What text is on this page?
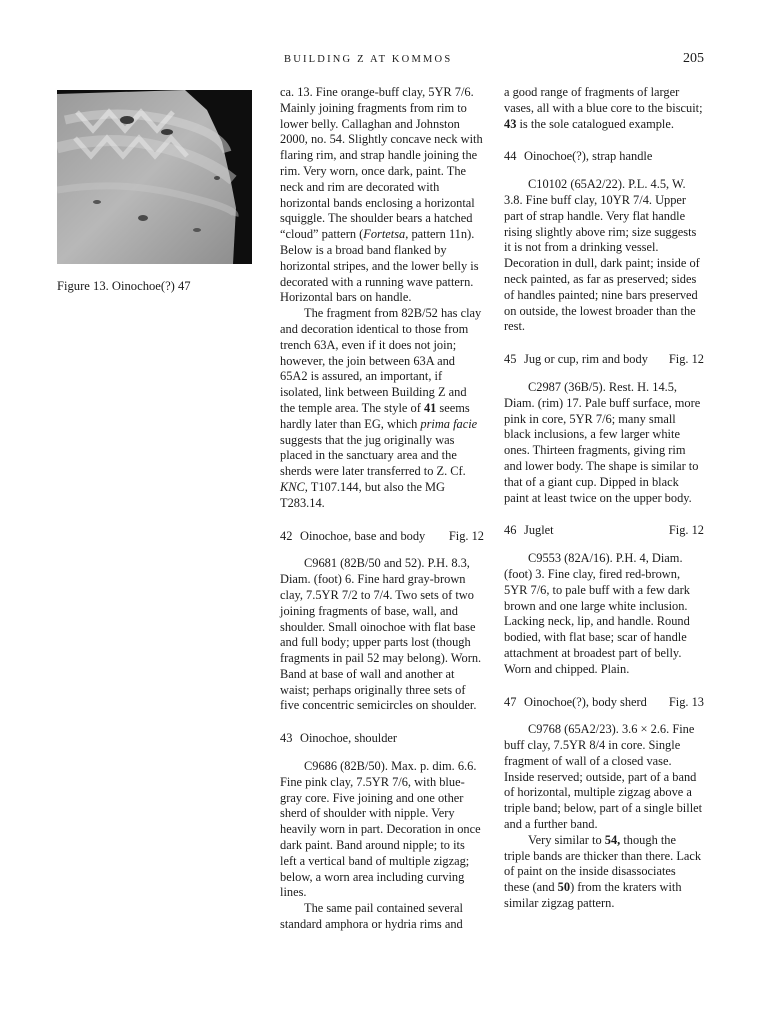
BUILDING Z AT KOMMOS	205
Figure 13. Oinochoe(?) 47

ca. 13. Fine orange-buff clay, 5YR 7/6. Mainly joining fragments from rim to lower belly. Callaghan and Johnston 2000, no. 54. Slightly concave neck with flaring rim, and strap handle joining the rim. Very worn, once dark, paint. The neck and rim are decorated with horizontal bands enclosing a horizontal squiggle. The shoulder bears a hatched “cloud” pattern (Fortetsa, pattern 11n). Below is a broad band flanked by horizontal stripes, and the lower belly is decorated with a running wave pattern. Horizontal bars on handle.

The fragment from 82B/52 has clay and decoration identical to those from trench 63A, even if it does not join; however, the join between 63A and 65A2 is assured, an important, if isolated, link between Building Z and the temple area. The style of 41 seems hardly later than EG, which prima facie suggests that the jug originally was placed in the sanctuary area and the sherds were later transferred to Z. Cf. KNC, T107.144, but also the MG T283.14.

42 Oinochoe, base and body	Fig. 12

C9681 (82B/50 and 52). P.H. 8.3, Diam. (foot) 6. Fine hard gray-brown clay, 7.5YR 7/2 to 7/4. Two sets of two joining fragments of base, wall, and shoulder. Small oinochoe with flat base and full body; upper parts lost (though fragments in pail 52 may belong). Worn. Band at base of wall and another at waist; perhaps originally three sets of five concentric semicircles on shoulder.

43 Oinochoe, shoulder

C9686 (82B/50). Max. p. dim. 6.6. Fine pink clay, 7.5YR 7/6, with blue-gray core. Five joining and one other sherd of shoulder with nipple. Very heavily worn in part. Decoration in once dark paint. Band around nipple; to its left a vertical band of multiple zigzag; below, a worn area including curving lines.

The same pail contained several standard amphora or hydria rims and

a good range of fragments of larger vases, all with a blue core to the biscuit; 43 is the sole catalogued example.

44 Oinochoe(?), strap handle

C10102 (65A2/22). P.L. 4.5, W. 3.8. Fine buff clay, 10YR 7/4. Upper part of strap handle. Very flat handle rising slightly above rim; size suggests it is not from a drinking vessel. Decoration in dull, dark paint; inside of neck painted, as far as preserved; sides of handles painted; nine bars preserved on outside, the lowest broader than the rest.

45 Jug or cup, rim and body	Fig. 12

C2987 (36B/5). Rest. H. 14.5, Diam. (rim) 17. Pale buff surface, more pink in core, 5YR 7/6; many small black inclusions, a few larger white ones. Thirteen fragments, giving rim and lower body. The shape is similar to that of a giant cup. Dipped in black paint at least twice on the upper body.

46 Juglet	Fig. 12

C9553 (82A/16). P.H. 4, Diam. (foot) 3. Fine clay, fired red-brown, 5YR 7/6, to pale buff with a few dark brown and one large white inclusion. Lacking neck, lip, and handle. Round bodied, with flat base; scar of handle attachment at broadest part of belly. Worn and chipped. Plain.

47 Oinochoe(?), body sherd	Fig. 13

C9768 (65A2/23). 3.6 × 2.6. Fine buff clay, 7.5YR 8/4 in core. Single fragment of wall of a closed vase. Inside reserved; outside, part of a band of horizontal, multiple zigzag above a triple band; below, part of a single billet and a further band.

Very similar to 54, though the triple bands are thicker than there. Lack of paint on the inside disassociates these (and 50) from the kraters with similar zigzag pattern.
